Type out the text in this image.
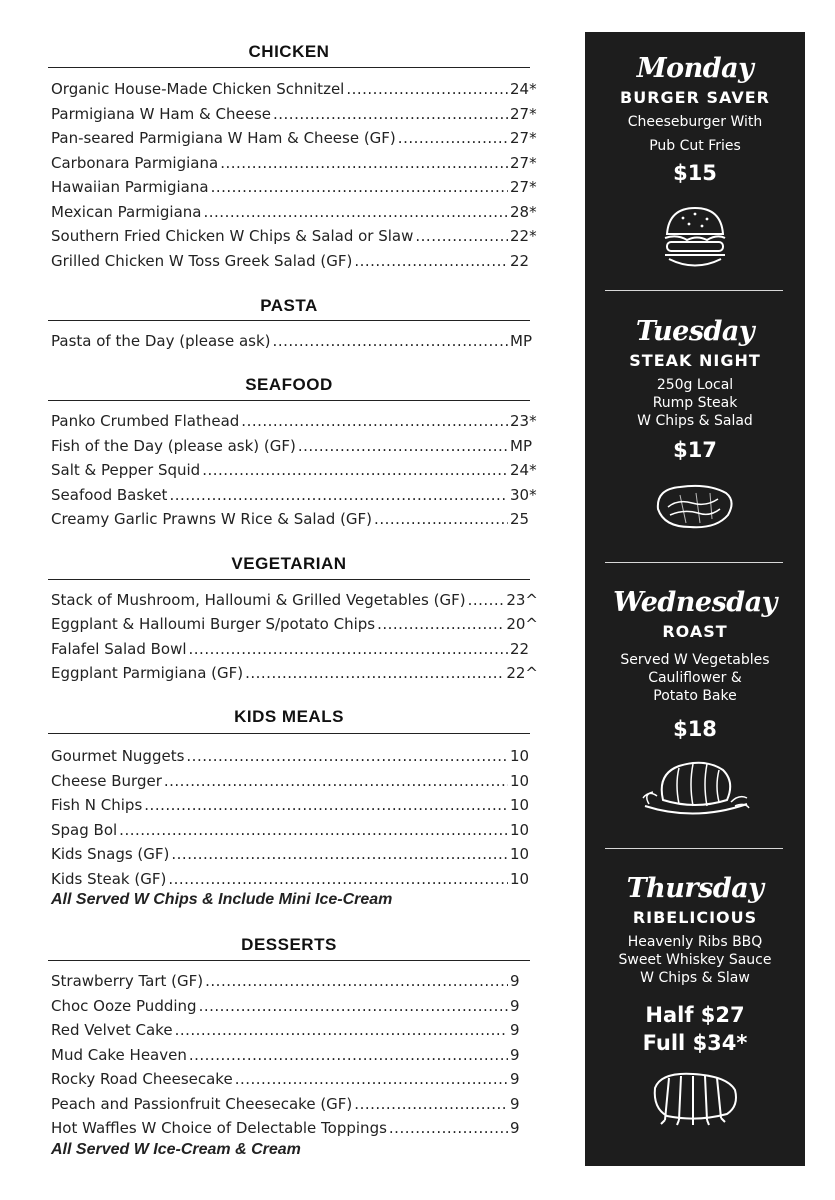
CHICKEN
Organic House-Made Chicken Schnitzel .....	24*
Parmigiana W Ham & Cheese .....	27*
Pan-seared Parmigiana W Ham & Cheese (GF) .....	27*
Carbonara Parmigiana .....	27*
Hawaiian Parmigiana .....	27*
Mexican Parmigiana .....	28*
Southern Fried Chicken W Chips & Salad or Slaw .....	22*
Grilled Chicken W Toss Greek Salad (GF) .....	22
PASTA
Pasta of the Day (please ask) .....	MP
SEAFOOD
Panko Crumbed Flathead .....	23*
Fish of the Day (please ask) (GF) .....	MP
Salt & Pepper Squid .....	24*
Seafood Basket .....	30*
Creamy Garlic Prawns W Rice & Salad (GF) .....	25
VEGETARIAN
Stack of Mushroom, Halloumi & Grilled Vegetables (GF) .....	23^
Eggplant & Halloumi Burger S/potato Chips .....	20^
Falafel Salad Bowl .....	22
Eggplant Parmigiana (GF) .....	22^
KIDS MEALS
Gourmet Nuggets .....	10
Cheese Burger .....	10
Fish N Chips .....	10
Spag Bol .....	10
Kids Snags (GF) .....	10
Kids Steak (GF) .....	10
All Served W Chips & Include Mini Ice-Cream
DESSERTS
Strawberry Tart (GF) .....	9
Choc Ooze Pudding .....	9
Red Velvet Cake .....	9
Mud Cake Heaven .....	9
Rocky Road Cheesecake .....	9
Peach and Passionfruit Cheesecake (GF) .....	9
Hot Waffles W Choice of Delectable Toppings .....	9
All Served W Ice-Cream & Cream
Monday
BURGER SAVER
Cheeseburger With
Pub Cut Fries
$15
Tuesday
STEAK NIGHT
250g Local
Rump Steak
W Chips & Salad
$17
Wednesday
ROAST
Served W Vegetables
Cauliflower &
Potato Bake
$18
Thursday
RIBELICIOUS
Heavenly Ribs BBQ
Sweet Whiskey Sauce
W Chips & Slaw
Half $27
Full $34*
